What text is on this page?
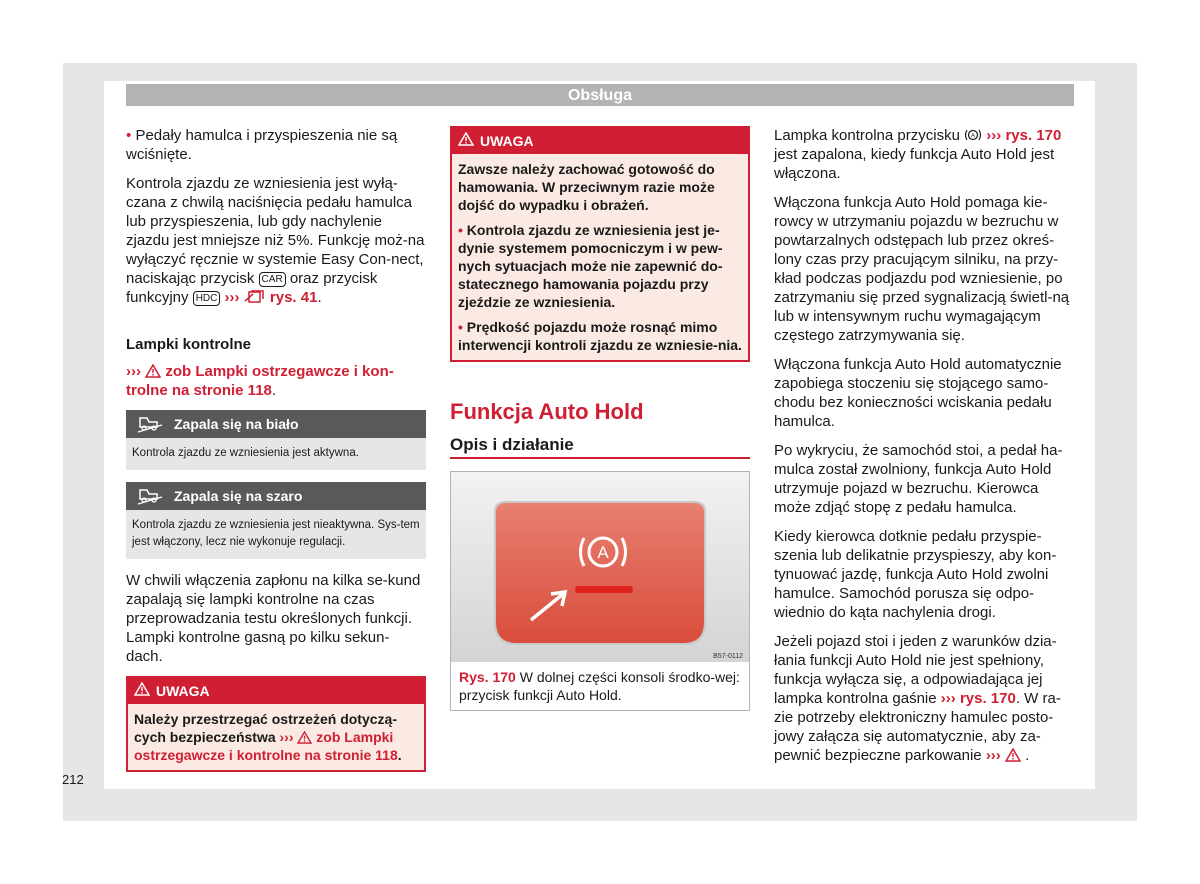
Obsługa

• Pedały hamulca i przyspieszenia nie są wciśnięte.

Kontrola zjazdu ze wzniesienia jest wyłą-czana z chwilą naciśnięcia pedału hamulca lub przyspieszenia, lub gdy nachylenie zjazdu jest mniejsze niż 5%. Funkcję moż-na wyłączyć ręcznie w systemie Easy Con-nect, naciskając przycisk CAR oraz przycisk funkcyjny HDC ››› rys. 41.

Lampki kontrolne

››› zob Lampki ostrzegawcze i kon-trolne na stronie 118.

Zapala się na biało
Kontrola zjazdu ze wzniesienia jest aktywna.
Zapala się na szaro
Kontrola zjazdu ze wzniesienia jest nieaktywna. Sys-tem jest włączony, lecz nie wykonuje regulacji.

W chwili włączenia zapłonu na kilka se-kund zapalają się lampki kontrolne na czas przeprowadzania testu określonych funkcji. Lampki kontrolne gasną po kilku sekun-dach.

UWAGA
Należy przestrzegać ostrzeżeń dotyczą-cych bezpieczeństwa ››› zob Lampki ostrzegawcze i kontrolne na stronie 118.
UWAGA

Zawsze należy zachować gotowość do hamowania. W przeciwnym razie może dojść do wypadku i obrażeń.

• Kontrola zjazdu ze wzniesienia jest je-dynie systemem pomocniczym i w pew-nych sytuacjach może nie zapewnić do-statecznego hamowania pojazdu przy zjeździe ze wzniesienia.

• Prędkość pojazdu może rosnąć mimo interwencji kontroli zjazdu ze wzniesie-nia.

Funkcja Auto Hold
Opis i działanie
A
B57-0112
Rys. 170 W dolnej części konsoli środko-wej: przycisk funkcji Auto Hold.

Lampka kontrolna przycisku A ››› rys. 170 jest zapalona, kiedy funkcja Auto Hold jest włączona.

Włączona funkcja Auto Hold pomaga kie-rowcy w utrzymaniu pojazdu w bezruchu w powtarzalnych odstępach lub przez okreś-lony czas przy pracującym silniku, na przy-kład podczas podjazdu pod wzniesienie, po zatrzymaniu się przed sygnalizacją świetl-ną lub w intensywnym ruchu wymagającym częstego zatrzymywania się.

Włączona funkcja Auto Hold automatycznie zapobiega stoczeniu się stojącego samo-chodu bez konieczności wciskania pedału hamulca.

Po wykryciu, że samochód stoi, a pedał ha-mulca został zwolniony, funkcja Auto Hold utrzymuje pojazd w bezruchu. Kierowca może zdjąć stopę z pedału hamulca.

Kiedy kierowca dotknie pedału przyspie-szenia lub delikatnie przyspieszy, aby kon-tynuować jazdę, funkcja Auto Hold zwolni hamulce. Samochód porusza się odpo-wiednio do kąta nachylenia drogi.

Jeżeli pojazd stoi i jeden z warunków dzia-łania funkcji Auto Hold nie jest spełniony, funkcja wyłącza się, a odpowiadająca jej lampka kontrolna gaśnie ››› rys. 170. W ra-zie potrzeby elektroniczny hamulec posto-jowy załącza się automatycznie, aby za-pewnić bezpieczne parkowanie ››› .

212
